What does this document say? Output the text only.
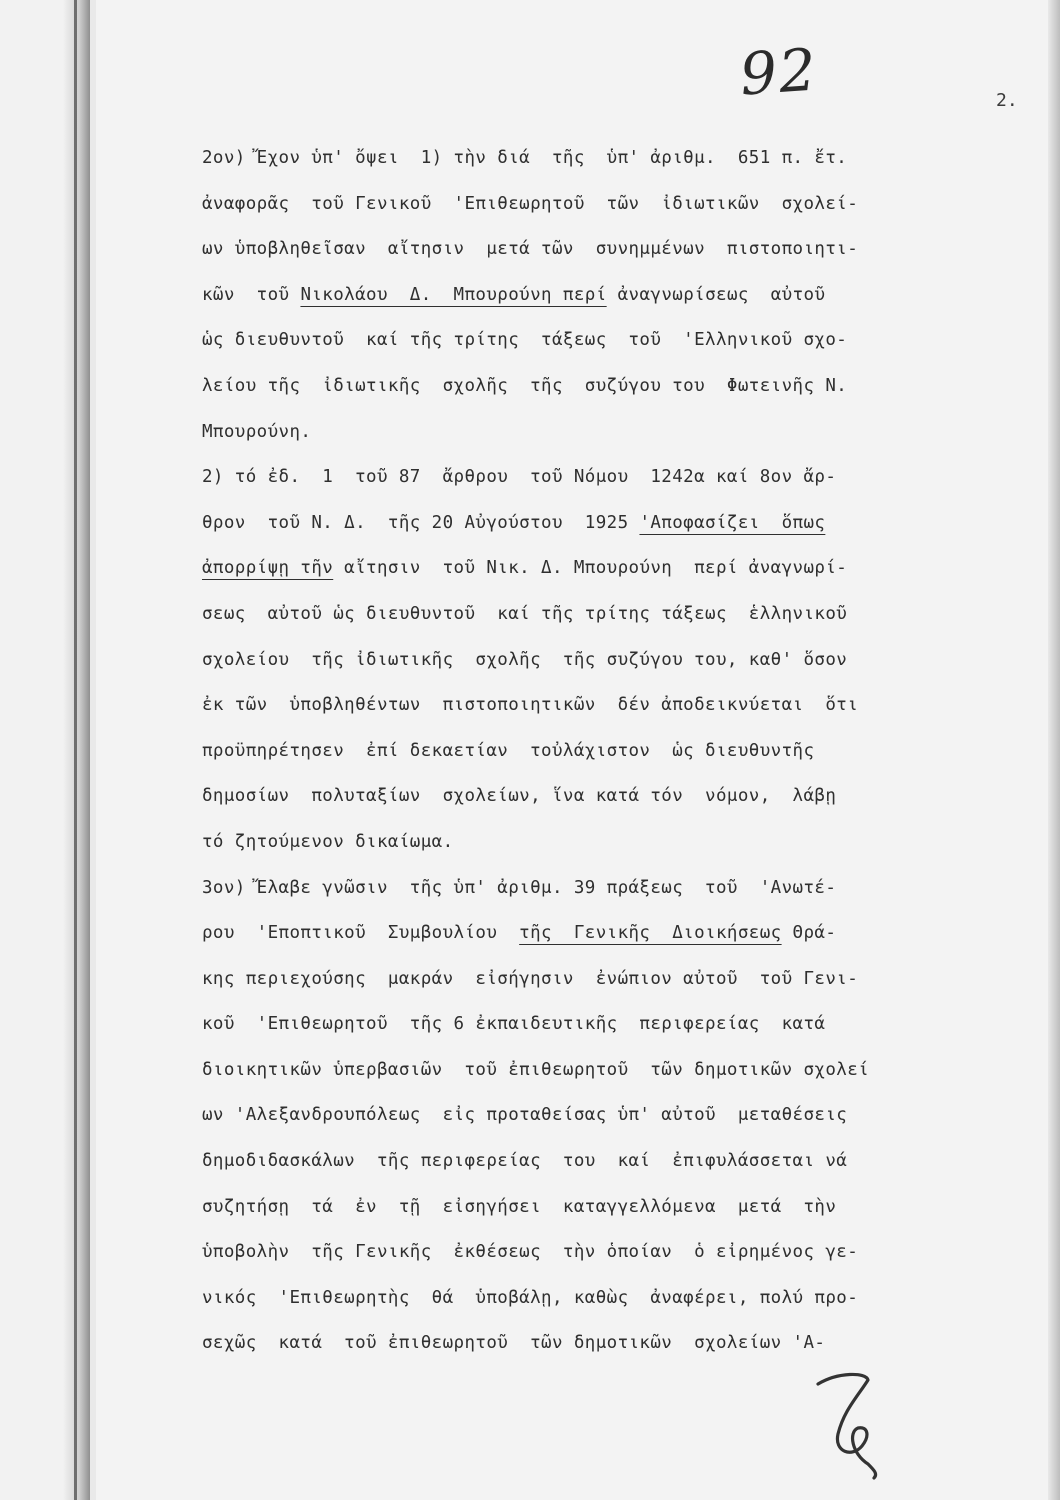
92	2.
2ον) Ἔχον ὑπ' ὄψει  1) τὴν διά  τῆς  ὑπ' ἀριθμ.  651 π. ἔτ.
ἀναφορᾶς  τοῦ Γενικοῦ  'Επιθεωρητοῦ  τῶν  ἰδιωτικῶν  σχολεί-
ων ὑποβληθεῖσαν  αἴτησιν  μετά τῶν  συνημμένων  πιστοποιητι-
κῶν  τοῦ Νικολάου  Δ.  Μπουρούνη περί ἀναγνωρίσεως  αὐτοῦ
ὡς διευθυντοῦ  καί τῆς τρίτης  τάξεως  τοῦ  'Ελληνικοῦ σχο-
λείου τῆς  ἰδιωτικῆς  σχολῆς  τῆς  συζύγου του  Φωτεινῆς Ν.
Μπουρούνη.
2) τό ἐδ.  1  τοῦ 87  ἄρθρου  τοῦ Νόμου  1242α καί 8ον ἄρ-
θρον  τοῦ Ν. Δ.  τῆς 20 Αὐγούστου  1925 'Αποφασίζει  ὅπως
ἀπορρίψῃ τῆν αἴτησιν  τοῦ Νικ. Δ. Μπουρούνη  περί ἀναγνωρί-
σεως  αὐτοῦ ὡς διευθυντοῦ  καί τῆς τρίτης τάξεως  ἑλληνικοῦ
σχολείου  τῆς ἰδιωτικῆς  σχολῆς  τῆς συζύγου του, καθ' ὅσον
ἐκ τῶν  ὑποβληθέντων  πιστοποιητικῶν  δέν ἀποδεικνύεται  ὅτι
προϋπηρέτησεν  ἐπί δεκαετίαν  τοὐλάχιστον  ὡς διευθυντῆς
δημοσίων  πολυταξίων  σχολείων, ἵνα κατά τόν  νόμον,  λάβῃ
τό ζητούμενον δικαίωμα.
3ον) Ἔλαβε γνῶσιν  τῆς ὑπ' ἀριθμ. 39 πράξεως  τοῦ  'Ανωτέ-
ρου  'Εποπτικοῦ  Συμβουλίου  τῆς  Γενικῆς  Διοικήσεως Θρά-
κης περιεχούσης  μακράν  εἰσήγησιν  ἐνώπιον αὐτοῦ  τοῦ Γενι-
κοῦ  'Επιθεωρητοῦ  τῆς 6 ἐκπαιδευτικῆς  περιφερείας  κατά
διοικητικῶν ὑπερβασιῶν  τοῦ ἐπιθεωρητοῦ  τῶν δημοτικῶν σχολεί
ων 'Αλεξανδρουπόλεως  εἰς προταθείσας ὑπ' αὐτοῦ  μεταθέσεις
δημοδιδασκάλων  τῆς περιφερείας  του  καί  ἐπιφυλάσσεται νά
συζητήσῃ  τά  ἐν  τῇ  εἰσηγήσει  καταγγελλόμενα  μετά  τὴν
ὑποβολὴν  τῆς Γενικῆς  ἐκθέσεως  τὴν ὁποίαν  ὁ εἰρημένος γε-
νικός  'Επιθεωρητὴς  θά  ὑποβάλῃ, καθὼς  ἀναφέρει, πολύ προ-
σεχῶς  κατά  τοῦ ἐπιθεωρητοῦ  τῶν δημοτικῶν  σχολείων 'Α-
